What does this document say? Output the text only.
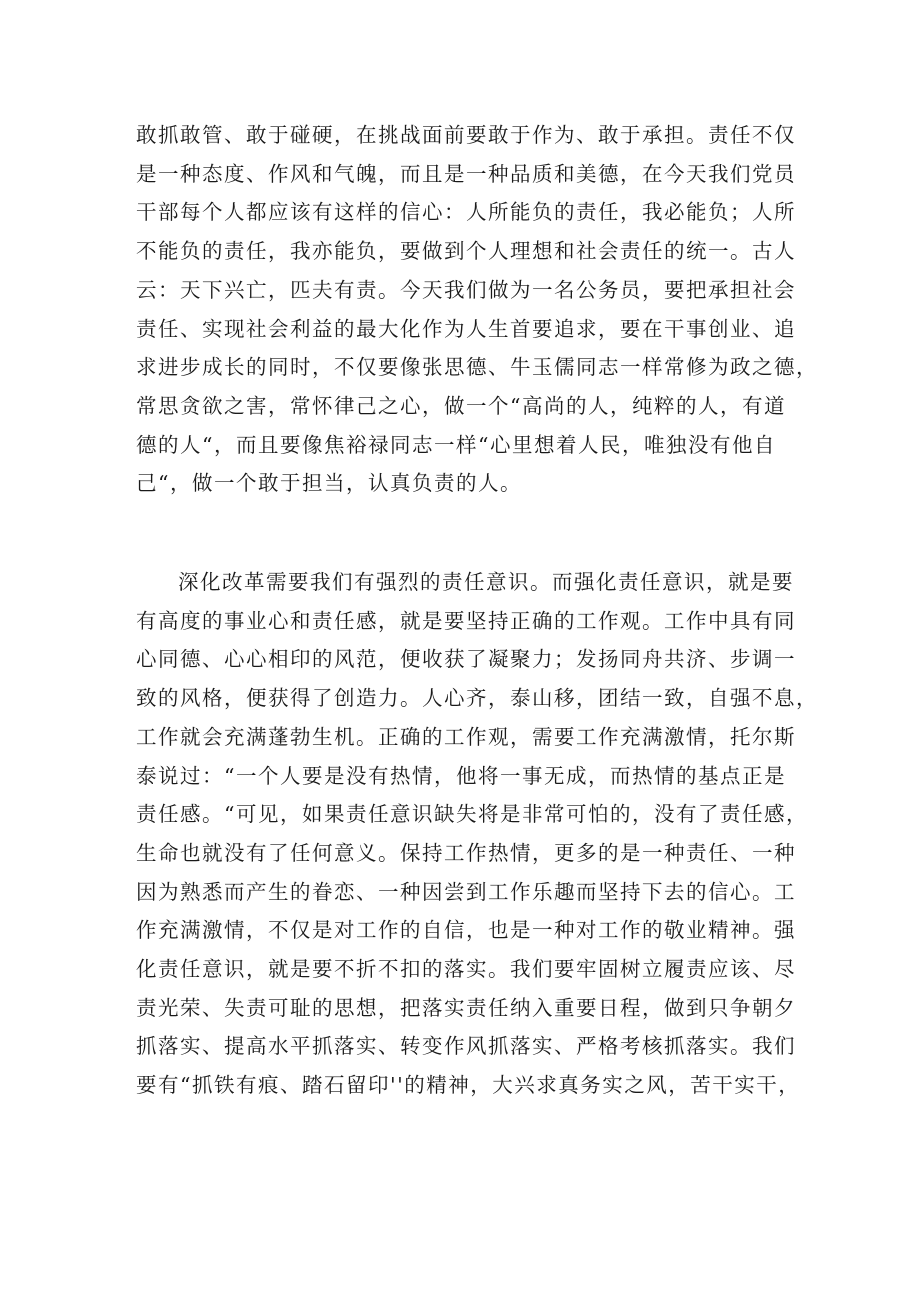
敢抓敢管、敢于碰硬，在挑战面前要敢于作为、敢于承担。责任不仅
是一种态度、作风和气魄，而且是一种品质和美德，在今天我们党员
干部每个人都应该有这样的信心：人所能负的责任，我必能负；人所
不能负的责任，我亦能负，要做到个人理想和社会责任的统一。古人
云：天下兴亡，匹夫有责。今天我们做为一名公务员，要把承担社会
责任、实现社会利益的最大化作为人生首要追求，要在干事创业、追
求进步成长的同时，不仅要像张思德、牛玉儒同志一样常修为政之德，
常思贪欲之害，常怀律己之心，做一个“高尚的人，纯粹的人，有道
德的人“，而且要像焦裕禄同志一样“心里想着人民，唯独没有他自
己“，做一个敢于担当，认真负责的人。
深化改革需要我们有强烈的责任意识。而强化责任意识，就是要
有高度的事业心和责任感，就是要坚持正确的工作观。工作中具有同
心同德、心心相印的风范，便收获了凝聚力；发扬同舟共济、步调一
致的风格，便获得了创造力。人心齐，泰山移，团结一致，自强不息，
工作就会充满蓬勃生机。正确的工作观，需要工作充满激情，托尔斯
泰说过：“一个人要是没有热情，他将一事无成，而热情的基点正是
责任感。“可见，如果责任意识缺失将是非常可怕的，没有了责任感，
生命也就没有了任何意义。保持工作热情，更多的是一种责任、一种
因为熟悉而产生的眷恋、一种因尝到工作乐趣而坚持下去的信心。工
作充满激情，不仅是对工作的自信，也是一种对工作的敬业精神。强
化责任意识，就是要不折不扣的落实。我们要牢固树立履责应该、尽
责光荣、失责可耻的思想，把落实责任纳入重要日程，做到只争朝夕
抓落实、提高水平抓落实、转变作风抓落实、严格考核抓落实。我们
要有“抓铁有痕、踏石留印''的精神，大兴求真务实之风，苦干实干，
